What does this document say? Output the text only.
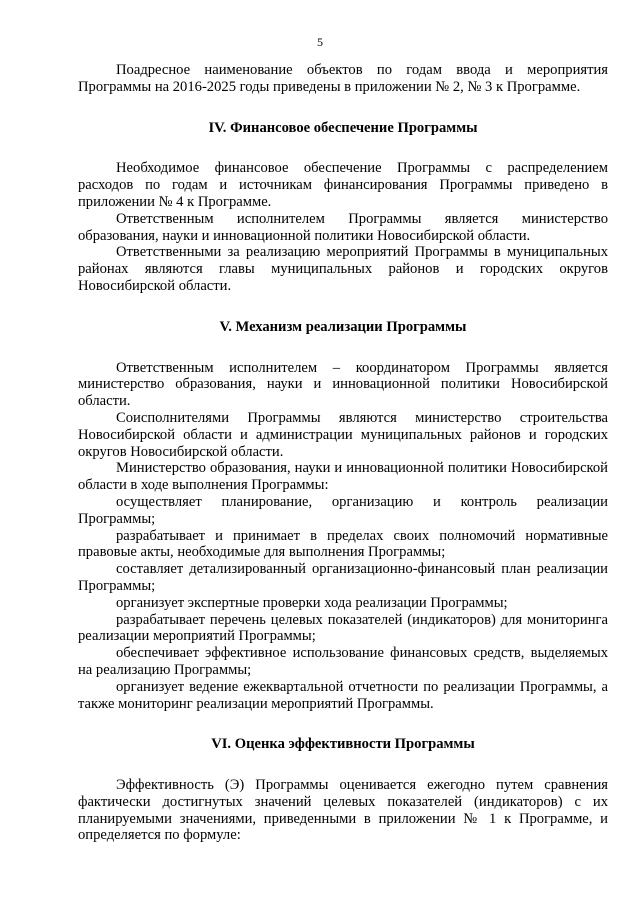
5

Поадресное наименование объектов по годам ввода и мероприятия Программы на 2016-2025 годы приведены в приложении № 2, № 3 к Программе.

IV. Финансовое обеспечение Программы

Необходимое финансовое обеспечение Программы с распределением расходов по годам и источникам финансирования Программы приведено в приложении № 4 к Программе.

Ответственным исполнителем Программы является министерство образования, науки и инновационной политики Новосибирской области.

Ответственными за реализацию мероприятий Программы в муниципальных районах являются главы муниципальных районов и городских округов Новосибирской области.

V. Механизм реализации Программы

Ответственным исполнителем – координатором Программы является министерство образования, науки и инновационной политики Новосибирской области.

Соисполнителями Программы являются министерство строительства Новосибирской области и администрации муниципальных районов и городских округов Новосибирской области.

Министерство образования, науки и инновационной политики Новосибирской области в ходе выполнения Программы:

осуществляет планирование, организацию и контроль реализации Программы;

разрабатывает и принимает в пределах своих полномочий нормативные правовые акты, необходимые для выполнения Программы;

составляет детализированный организационно-финансовый план реализации Программы;

организует экспертные проверки хода реализации Программы;

разрабатывает перечень целевых показателей (индикаторов) для мониторинга реализации мероприятий Программы;

обеспечивает эффективное использование финансовых средств, выделяемых на реализацию Программы;

организует ведение ежеквартальной отчетности по реализации Программы, а также мониторинг реализации мероприятий Программы.

VI. Оценка эффективности Программы

Эффективность (Э) Программы оценивается ежегодно путем сравнения фактически достигнутых значений целевых показателей (индикаторов) с их планируемыми значениями, приведенными в приложении № 1 к Программе, и определяется по формуле:
